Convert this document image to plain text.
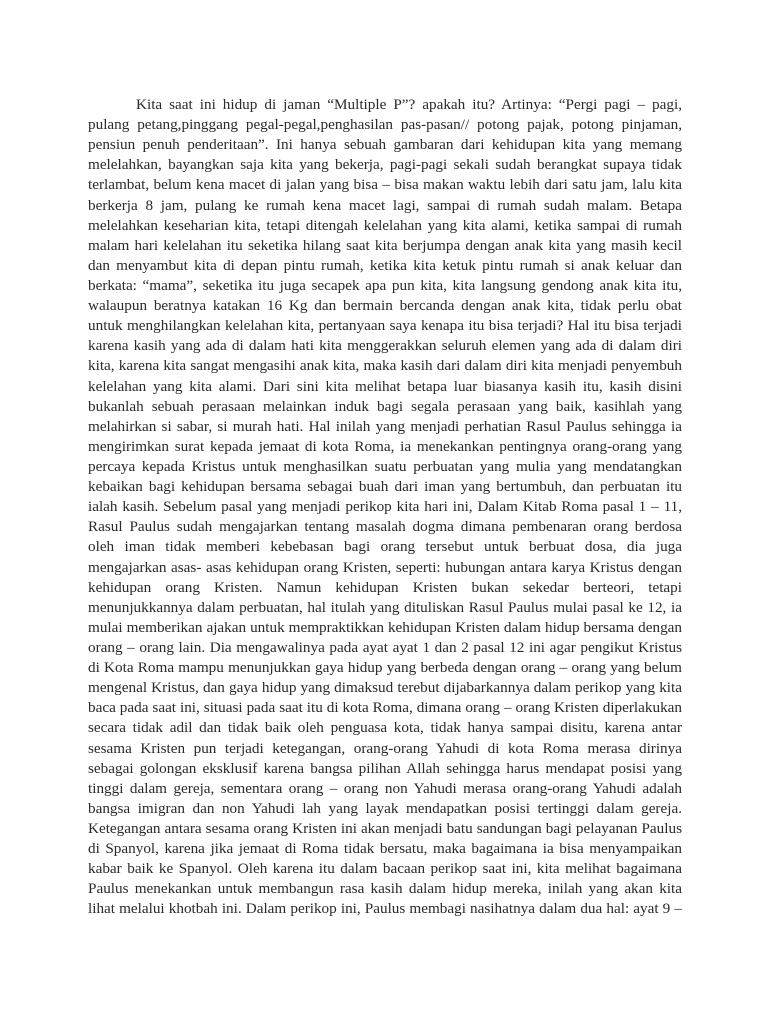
Kita saat ini hidup di jaman “Multiple P”? apakah itu? Artinya: “Pergi pagi – pagi,
pulang petang,pinggang pegal-pegal,penghasilan pas-pasan// potong pajak, potong pinjaman,
pensiun penuh penderitaan”. Ini hanya sebuah gambaran dari kehidupan kita yang memang
melelahkan, bayangkan saja kita yang bekerja, pagi-pagi sekali sudah berangkat supaya tidak
terlambat, belum kena macet di jalan yang bisa – bisa makan waktu lebih dari satu jam, lalu kita
berkerja 8 jam, pulang ke rumah kena macet lagi, sampai di rumah sudah malam. Betapa
melelahkan keseharian kita, tetapi ditengah kelelahan yang kita alami, ketika sampai di rumah
malam hari kelelahan itu seketika hilang saat kita berjumpa dengan anak kita yang masih kecil
dan menyambut kita di depan pintu rumah, ketika kita ketuk pintu rumah si anak keluar dan
berkata: “mama”, seketika itu juga secapek apa pun kita, kita langsung gendong anak kita itu,
walaupun beratnya katakan 16 Kg dan bermain bercanda dengan anak kita, tidak perlu obat
untuk menghilangkan kelelahan kita, pertanyaan saya kenapa itu bisa terjadi? Hal itu bisa terjadi
karena kasih yang ada di dalam hati kita menggerakkan seluruh elemen yang ada di dalam diri
kita, karena kita sangat mengasihi anak kita, maka kasih dari dalam diri kita menjadi penyembuh
kelelahan yang kita alami. Dari sini kita melihat betapa luar biasanya kasih itu, kasih disini
bukanlah sebuah perasaan melainkan induk bagi segala perasaan yang baik, kasihlah yang
melahirkan si sabar, si murah hati. Hal inilah yang menjadi perhatian Rasul Paulus sehingga ia
mengirimkan surat kepada jemaat di kota Roma, ia menekankan pentingnya orang-orang yang
percaya kepada Kristus untuk menghasilkan suatu perbuatan yang mulia yang mendatangkan
kebaikan bagi kehidupan bersama sebagai buah dari iman yang bertumbuh, dan perbuatan itu
ialah kasih. Sebelum pasal yang menjadi perikop kita hari ini, Dalam Kitab Roma pasal 1 – 11,
Rasul Paulus sudah mengajarkan tentang masalah dogma dimana pembenaran orang berdosa
oleh iman tidak memberi kebebasan bagi orang tersebut untuk berbuat dosa, dia juga
mengajarkan asas- asas kehidupan orang Kristen, seperti: hubungan antara karya Kristus dengan
kehidupan orang Kristen. Namun kehidupan Kristen bukan sekedar berteori, tetapi
menunjukkannya dalam perbuatan, hal itulah yang dituliskan Rasul Paulus mulai pasal ke 12, ia
mulai memberikan ajakan untuk mempraktikkan kehidupan Kristen dalam hidup bersama dengan
orang – orang lain. Dia mengawalinya pada ayat ayat 1 dan 2 pasal 12 ini agar pengikut Kristus
di Kota Roma mampu menunjukkan gaya hidup yang berbeda dengan orang – orang yang belum
mengenal Kristus, dan gaya hidup yang dimaksud terebut dijabarkannya dalam perikop yang kita
baca pada saat ini, situasi pada saat itu di kota Roma, dimana orang – orang Kristen diperlakukan
secara tidak adil dan tidak baik oleh penguasa kota, tidak hanya sampai disitu, karena antar
sesama Kristen pun terjadi ketegangan, orang-orang Yahudi di kota Roma merasa dirinya
sebagai golongan eksklusif karena bangsa pilihan Allah sehingga harus mendapat posisi yang
tinggi dalam gereja, sementara orang – orang non Yahudi merasa orang-orang Yahudi adalah
bangsa imigran dan non Yahudi lah yang layak mendapatkan posisi tertinggi dalam gereja.
Ketegangan antara sesama orang Kristen ini akan menjadi batu sandungan bagi pelayanan Paulus
di Spanyol, karena jika jemaat di Roma tidak bersatu, maka bagaimana ia bisa menyampaikan
kabar baik ke Spanyol. Oleh karena itu dalam bacaan perikop saat ini, kita melihat bagaimana
Paulus menekankan untuk membangun rasa kasih dalam hidup mereka, inilah yang akan kita
lihat melalui khotbah ini. Dalam perikop ini, Paulus membagi nasihatnya dalam dua hal: ayat 9 –
